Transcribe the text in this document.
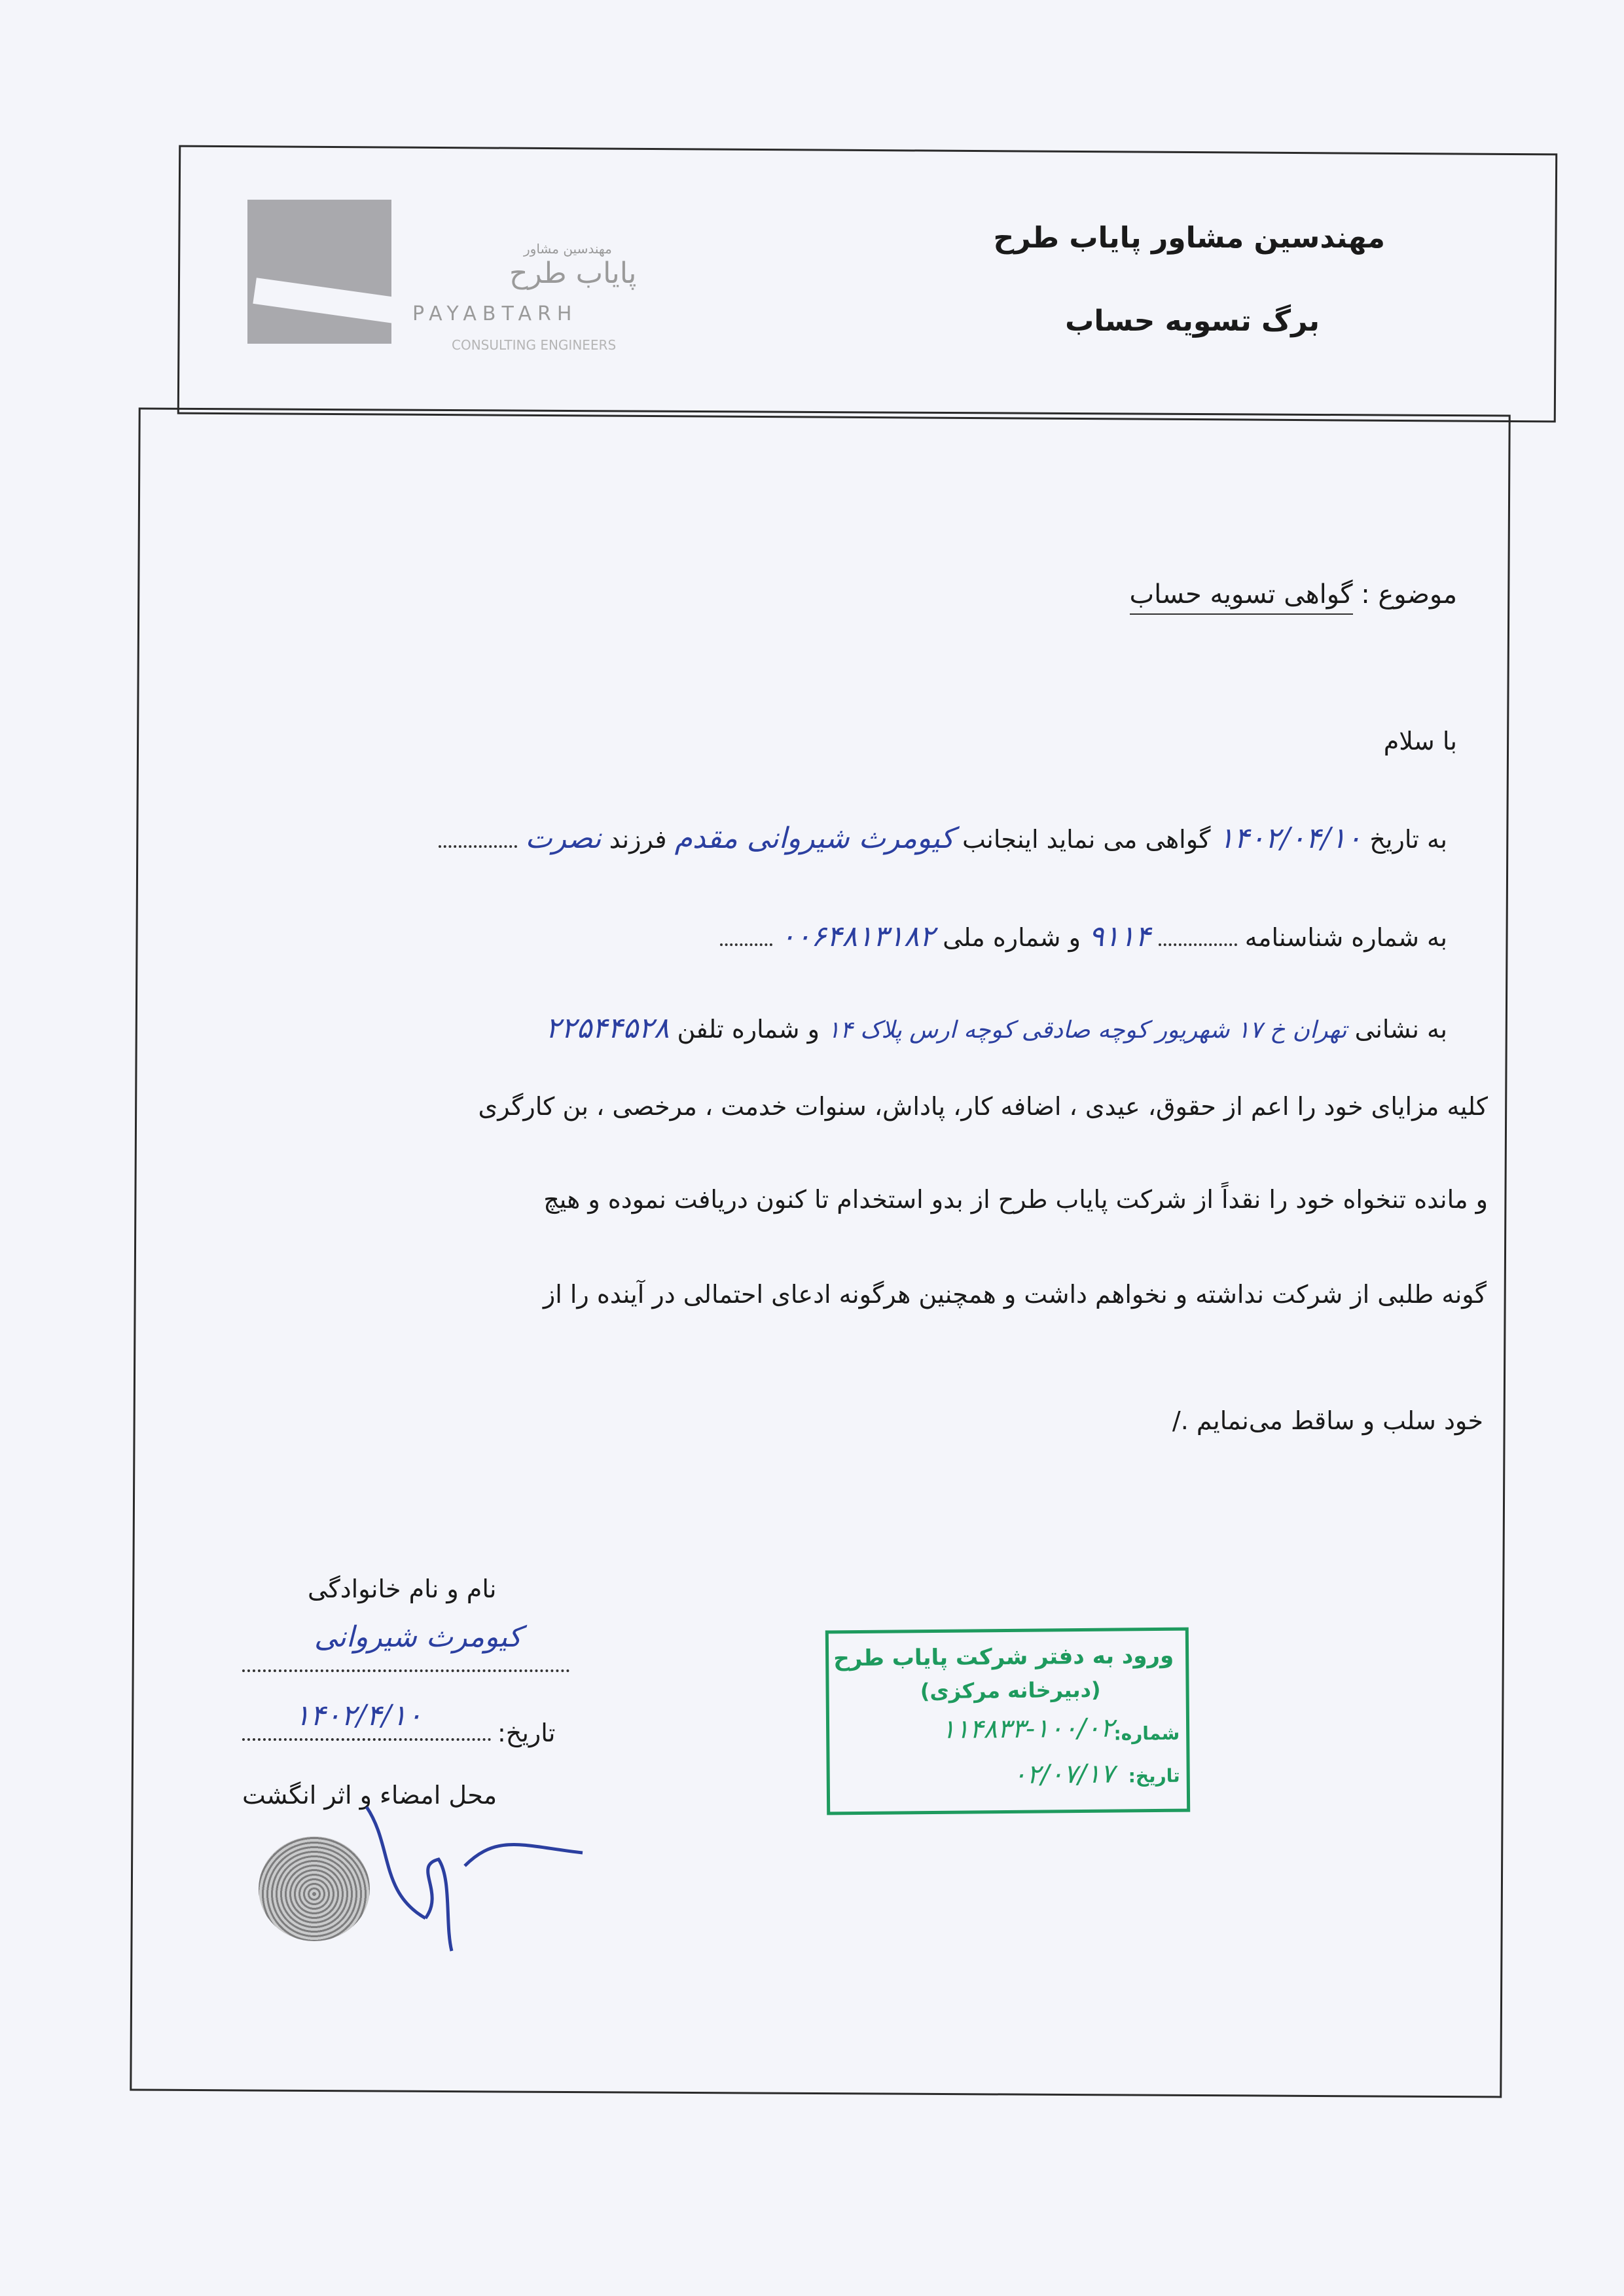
مهندسین مشاور
پایاب طرح
PAYABTARH
CONSULTING ENGINEERS
مهندسین مشاور پایاب طرح
برگ تسویه حساب
موضوع : گواهی تسویه حساب
با سلام
به تاریخ ۱۴۰۲/۰۴/۱۰ گواهی می نماید اینجانب کیومرث شیروانی مقدم فرزند نصرت
به شماره شناسنامه  ۹۱۱۴ و شماره ملی ۰۰۶۴۸۱۳۱۸۲
به نشانی تهران خ ۱۷ شهریور کوچه صادقی کوچه ارس پلاک ۱۴ و شماره تلفن ۲۲۵۴۴۵۲۸
کلیه مزایای خود را اعم از حقوق، عیدی ، اضافه کار، پاداش، سنوات خدمت ، مرخصی ، بن کارگری
و مانده تنخواه خود را نقداً از شرکت پایاب طرح از بدو استخدام تا کنون دریافت نموده و هیچ
گونه طلبی از شرکت نداشته و نخواهم داشت و همچنین هرگونه ادعای احتمالی در آینده را از
خود سلب و ساقط می‌نمایم ./
نام و نام خانوادگی
کیومرث شیروانی
تاریخ:
۱۴۰۲/۴/۱۰
محل امضاء و اثر انگشت
ورود به دفتر شرکت پایاب طرح
(دبیرخانه مرکزی)
شماره:
۱۱۴۸۳۳-۱۰۰/۰۲
تاریخ:
۰۲/۰۷/۱۷
